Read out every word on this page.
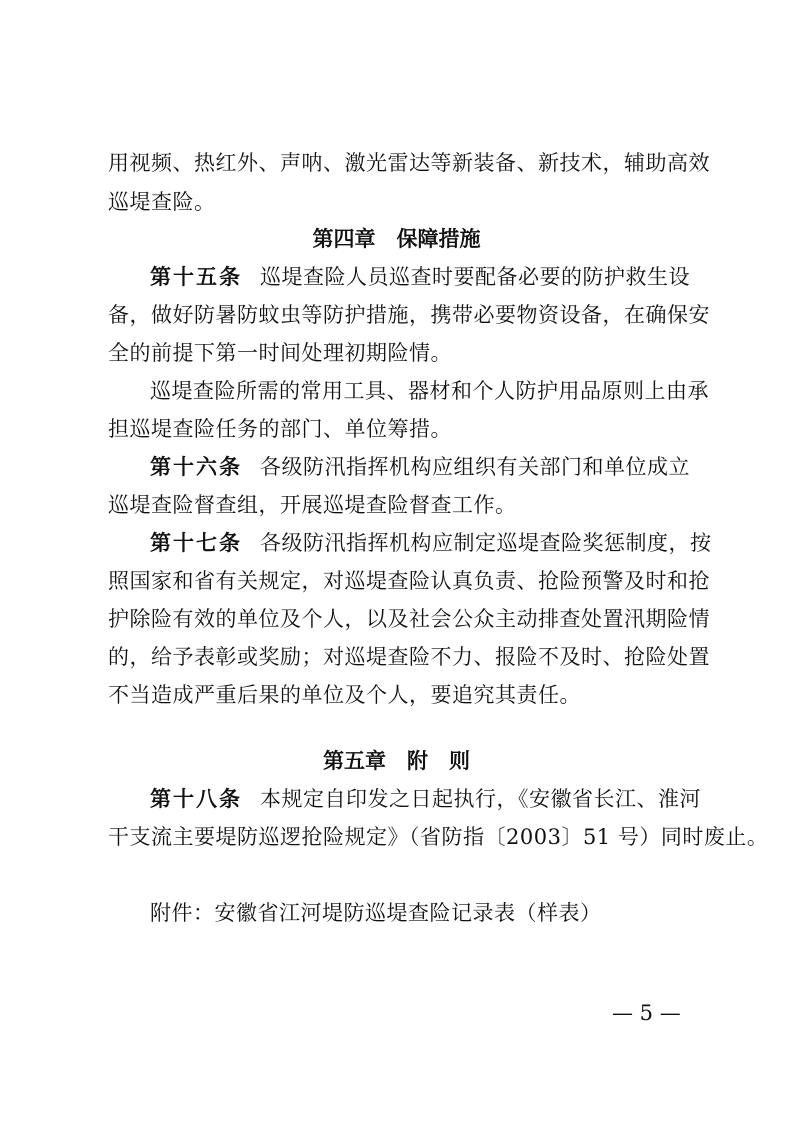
用视频、热红外、声呐、激光雷达等新装备、新技术，辅助高效
巡堤查险。
第四章　保障措施
第十五条 巡堤查险人员巡查时要配备必要的防护救生设
备，做好防暑防蚊虫等防护措施，携带必要物资设备，在确保安
全的前提下第一时间处理初期险情。
巡堤查险所需的常用工具、器材和个人防护用品原则上由承
担巡堤查险任务的部门、单位筹措。
第十六条 各级防汛指挥机构应组织有关部门和单位成立
巡堤查险督查组，开展巡堤查险督查工作。
第十七条 各级防汛指挥机构应制定巡堤查险奖惩制度，按
照国家和省有关规定，对巡堤查险认真负责、抢险预警及时和抢
护除险有效的单位及个人，以及社会公众主动排查处置汛期险情
的，给予表彰或奖励；对巡堤查险不力、报险不及时、抢险处置
不当造成严重后果的单位及个人，要追究其责任。
第五章　附　则
第十八条 本规定自印发之日起执行，《安徽省长江、淮河
干支流主要堤防巡逻抢险规定》（省防指〔2003〕51 号）同时废止。
附件：安徽省江河堤防巡堤查险记录表（样表）
— 5 —
